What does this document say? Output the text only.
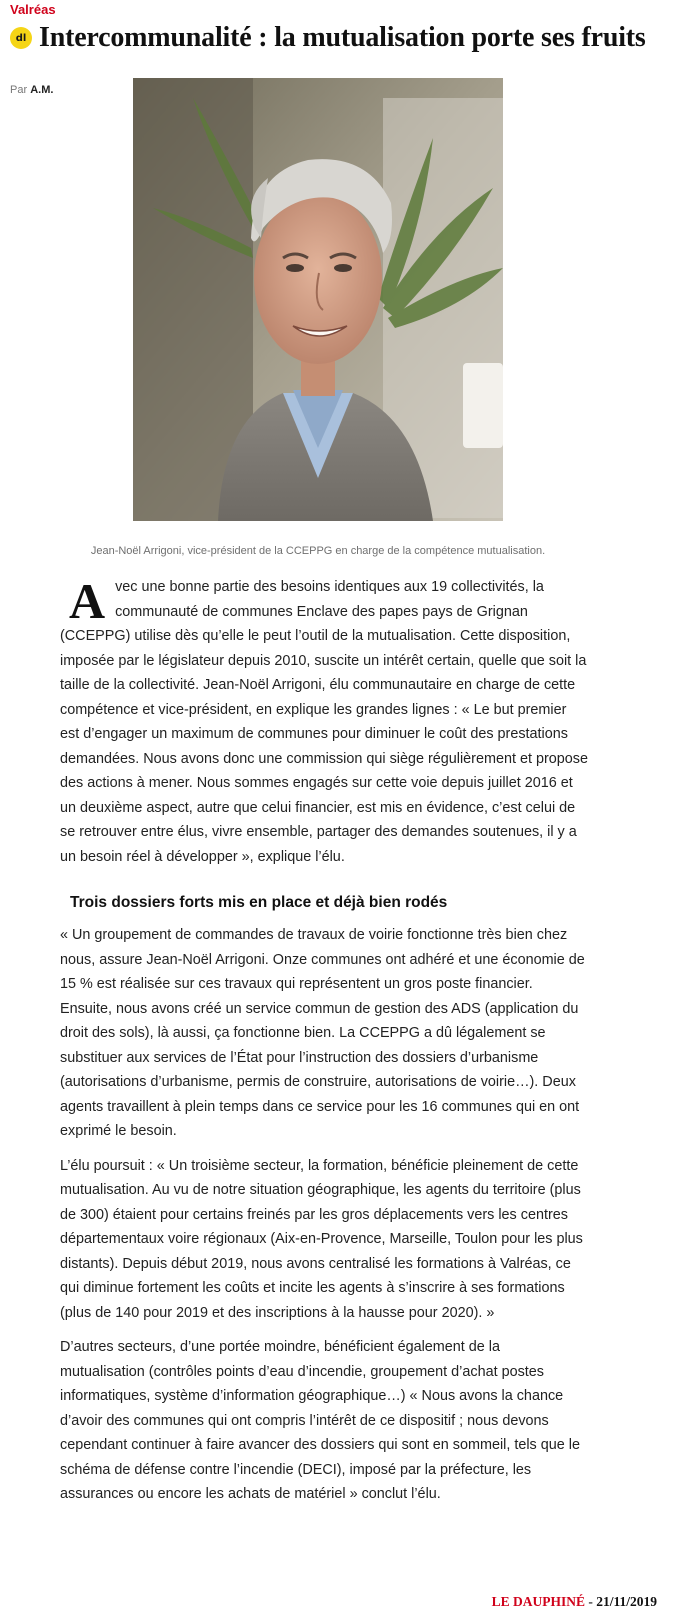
Valréas
dl Intercommunalité : la mutualisation porte ses fruits
Par A.M.
Jean-Noël Arrigoni, vice-président de la CCEPPG en charge de la compétence mutualisation.

Avec une bonne partie des besoins identiques aux 19 collectivités, la communauté de communes Enclave des papes pays de Grignan (CCEPPG) utilise dès qu’elle le peut l’outil de la mutualisation. Cette disposition, imposée par le législateur depuis 2010, suscite un intérêt certain, quelle que soit la taille de la collectivité. Jean-Noël Arrigoni, élu communautaire en charge de cette compétence et vice-président, en explique les grandes lignes : « Le but premier est d’engager un maximum de communes pour diminuer le coût des prestations demandées. Nous avons donc une commission qui siège régulièrement et propose des actions à mener. Nous sommes engagés sur cette voie depuis juillet 2016 et un deuxième aspect, autre que celui financier, est mis en évidence, c’est celui de se retrouver entre élus, vivre ensemble, partager des demandes soutenues, il y a un besoin réel à développer », explique l’élu.

Trois dossiers forts mis en place et déjà bien rodés

« Un groupement de commandes de travaux de voirie fonctionne très bien chez nous, assure Jean-Noël Arrigoni. Onze communes ont adhéré et une économie de 15 % est réalisée sur ces travaux qui représentent un gros poste financier. Ensuite, nous avons créé un service commun de gestion des ADS (application du droit des sols), là aussi, ça fonctionne bien. La CCEPPG a dû légalement se substituer aux services de l’État pour l’instruction des dossiers d’urbanisme (autorisations d’urbanisme, permis de construire, autorisations de voirie…). Deux agents travaillent à plein temps dans ce service pour les 16 communes qui en ont exprimé le besoin.

L’élu poursuit : « Un troisième secteur, la formation, bénéficie pleinement de cette mutualisation. Au vu de notre situation géographique, les agents du territoire (plus de 300) étaient pour certains freinés par les gros déplacements vers les centres départementaux voire régionaux (Aix-en-Provence, Marseille, Toulon pour les plus distants). Depuis début 2019, nous avons centralisé les formations à Valréas, ce qui diminue fortement les coûts et incite les agents à s’inscrire à ses formations (plus de 140 pour 2019 et des inscriptions à la hausse pour 2020). »

D’autres secteurs, d’une portée moindre, bénéficient également de la mutualisation (contrôles points d’eau d’incendie, groupement d’achat postes informatiques, système d’information géographique…) « Nous avons la chance d’avoir des communes qui ont compris l’intérêt de ce dispositif ; nous devons cependant continuer à faire avancer des dossiers qui sont en sommeil, tels que le schéma de défense contre l’incendie (DECI), imposé par la préfecture, les assurances ou encore les achats de matériel » conclut l’élu.

LE DAUPHINÉ - 21/11/2019
